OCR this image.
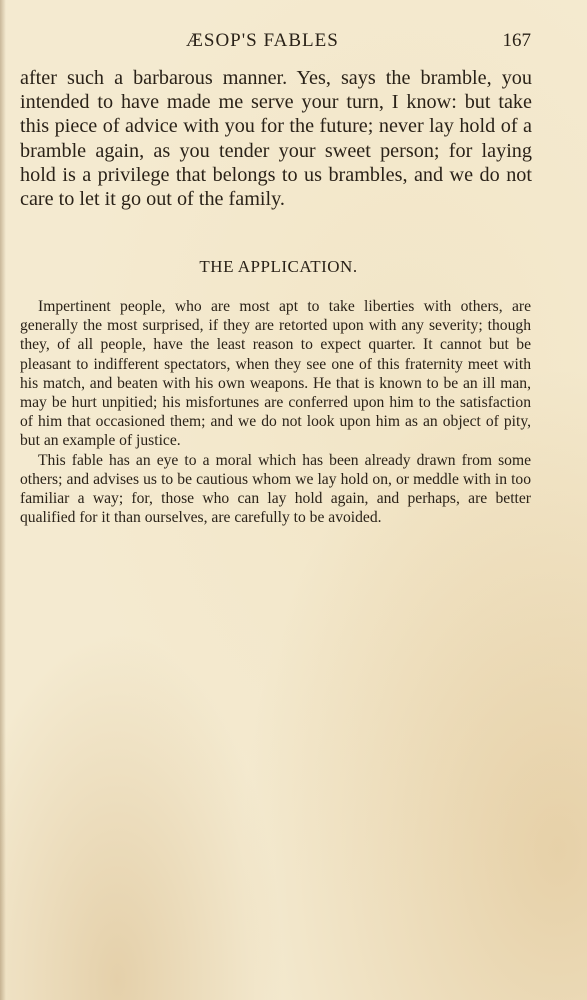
ÆSOP'S FABLES	167

after such a barbarous manner. Yes, says the bramble, you intended to have made me serve your turn, I know: but take this piece of advice with you for the future; never lay hold of a bramble again, as you tender your sweet person; for laying hold is a privilege that belongs to us brambles, and we do not care to let it go out of the family.

THE APPLICATION.

Impertinent people, who are most apt to take liberties with others, are generally the most surprised, if they are retorted upon with any severity; though they, of all people, have the least reason to expect quarter. It cannot but be pleasant to indifferent spectators, when they see one of this fraternity meet with his match, and beaten with his own weapons. He that is known to be an ill man, may be hurt unpitied; his misfortunes are conferred upon him to the satisfaction of him that occasioned them; and we do not look upon him as an object of pity, but an example of justice.

This fable has an eye to a moral which has been already drawn from some others; and advises us to be cautious whom we lay hold on, or meddle with in too familiar a way; for, those who can lay hold again, and perhaps, are better qualified for it than ourselves, are carefully to be avoided.
